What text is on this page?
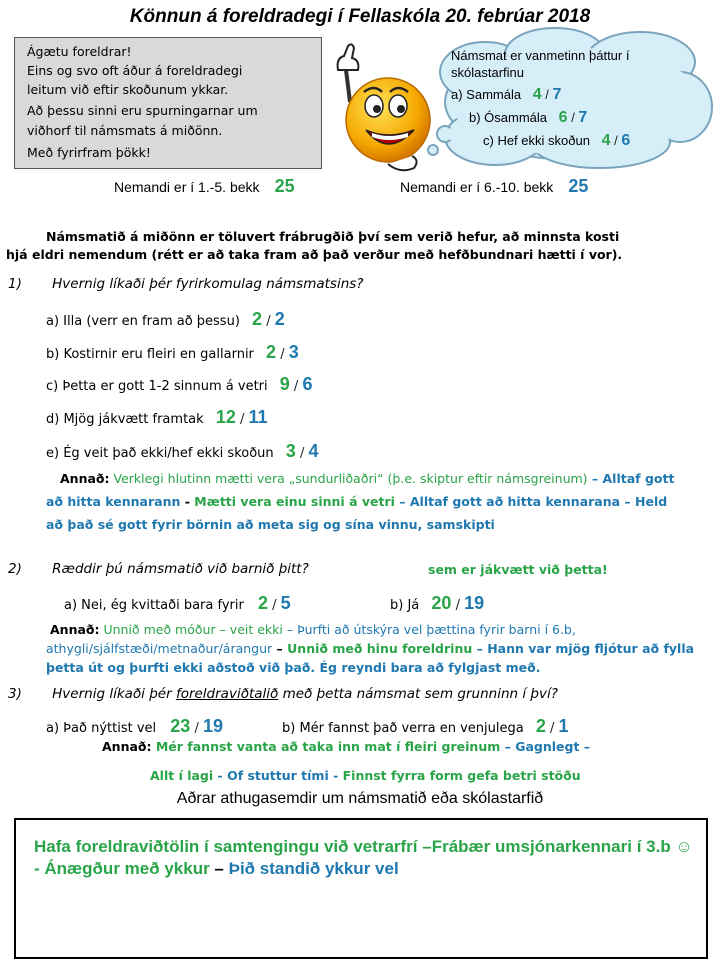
Könnun á foreldradegi í Fellaskóla 20. febrúar 2018
Ágætu foreldrar!
Eins og svo oft áður á foreldradegi
leitum við eftir skoðunum ykkar.
Að þessu sinni eru spurningarnar um
viðhorf til námsmats á miðönn.
Með fyrirfram þökk!
Námsmat er vanmetinn þáttur í
skólastarfinu
a) Sammála 4 / 7
b) Ósammála 6 / 7
c) Hef ekki skoðun 4 / 6
Nemandi er í 1.-5. bekk 25	Nemandi er í 6.-10. bekk 25
Námsmatið á miðönn er töluvert frábrugðið því sem verið hefur, að minnsta kosti
hjá eldri nemendum (rétt er að taka fram að það verður með hefðbundnari hætti í vor).
1) Hvernig líkaði þér fyrirkomulag námsmatsins?
a) Illa (verr en fram að þessu) 2 / 2
b) Kostirnir eru fleiri en gallarnir 2 / 3
c) Þetta er gott 1-2 sinnum á vetri 9 / 6
d) Mjög jákvætt framtak 12 / 11
e) Ég veit það ekki/hef ekki skoðun 3 / 4
Annað: Verklegi hlutinn mætti vera „sundurliðaðri“ (þ.e. skiptur eftir námsgreinum) – Alltaf gott að hitta kennarann - Mætti vera einu sinni á vetri – Alltaf gott að hitta kennarana – Held að það sé gott fyrir börnin að meta sig og sína vinnu, samskipti
2) Ræddir þú námsmatið við barnið þitt?	sem er jákvætt við þetta!
a) Nei, ég kvittaði bara fyrir 2 / 5	b) Já 20 / 19
Annað: Unnið með móður – veit ekki – Þurfti að útskýra vel þættina fyrir barni í 6.b, athygli/sjálfstæði/metnaður/árangur – Unnið með hinu foreldrinu – Hann var mjög fljótur að fylla þetta út og þurfti ekki aðstoð við það. Ég reyndi bara að fylgjast með.
3) Hvernig líkaði þér foreldraviðtalið með þetta námsmat sem grunninn í því?
a) Það nýttist vel 23 / 19	b) Mér fannst það verra en venjulega 2 / 1
Annað: Mér fannst vanta að taka inn mat í fleiri greinum – Gagnlegt –
Allt í lagi - Of stuttur tími - Finnst fyrra form gefa betri stöðu
Aðrar athugasemdir um námsmatið eða skólastarfið
Hafa foreldraviðtölin í samtengingu við vetrarfrí –Frábær umsjónarkennari í 3.b ☺ - Ánægður með ykkur – Þið standið ykkur vel
